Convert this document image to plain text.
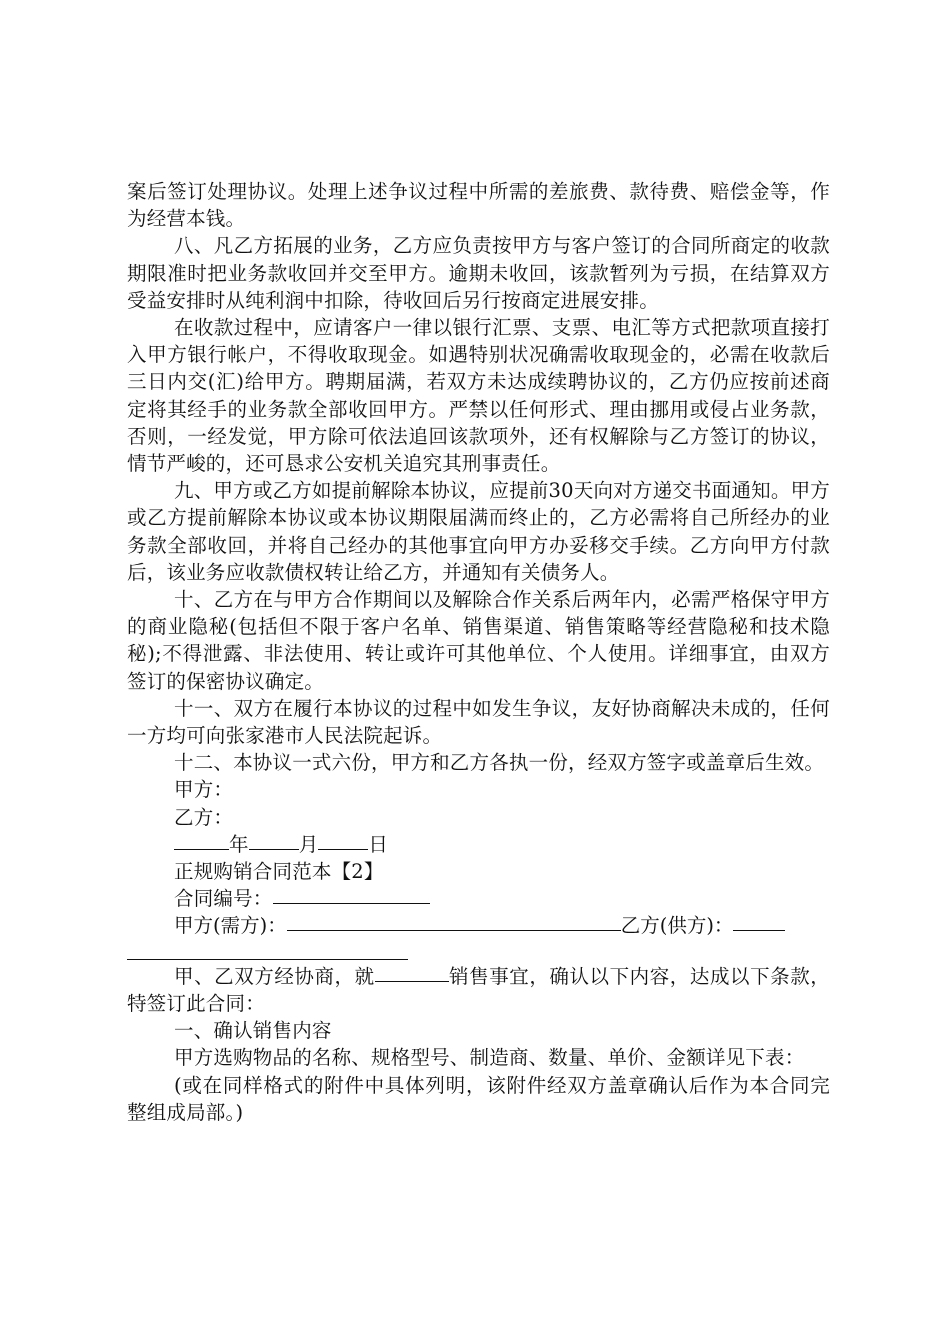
案后签订处理协议。处理上述争议过程中所需的差旅费、款待费、赔偿金等，作为经营本钱。

八、凡乙方拓展的业务，乙方应负责按甲方与客户签订的合同所商定的收款期限准时把业务款收回并交至甲方。逾期未收回，该款暂列为亏损，在结算双方受益安排时从纯利润中扣除，待收回后另行按商定进展安排。

在收款过程中，应请客户一律以银行汇票、支票、电汇等方式把款项直接打入甲方银行帐户，不得收取现金。如遇特别状况确需收取现金的，必需在收款后三日内交(汇)给甲方。聘期届满，若双方未达成续聘协议的，乙方仍应按前述商定将其经手的业务款全部收回甲方。严禁以任何形式、理由挪用或侵占业务款，否则，一经发觉，甲方除可依法追回该款项外，还有权解除与乙方签订的协议，情节严峻的，还可恳求公安机关追究其刑事责任。

九、甲方或乙方如提前解除本协议，应提前30天向对方递交书面通知。甲方或乙方提前解除本协议或本协议期限届满而终止的，乙方必需将自己所经办的业务款全部收回，并将自己经办的其他事宜向甲方办妥移交手续。乙方向甲方付款后，该业务应收款债权转让给乙方，并通知有关债务人。

十、乙方在与甲方合作期间以及解除合作关系后两年内，必需严格保守甲方的商业隐秘(包括但不限于客户名单、销售渠道、销售策略等经营隐秘和技术隐秘);不得泄露、非法使用、转让或许可其他单位、个人使用。详细事宜，由双方签订的保密协议确定。

十一、双方在履行本协议的过程中如发生争议，友好协商解决未成的，任何一方均可向张家港市人民法院起诉。

十二、本协议一式六份，甲方和乙方各执一份，经双方签字或盖章后生效。

甲方：
乙方：
年	月	日
正规购销合同范本【2】
合同编号：
甲方(需方)：	乙方(供方)：

甲、乙双方经协商，就	销售事宜，确认以下内容，达成以下条款，特签订此合同：

一、确认销售内容

甲方选购物品的名称、规格型号、制造商、数量、单价、金额详见下表：

(或在同样格式的附件中具体列明，该附件经双方盖章确认后作为本合同完整组成局部。)
